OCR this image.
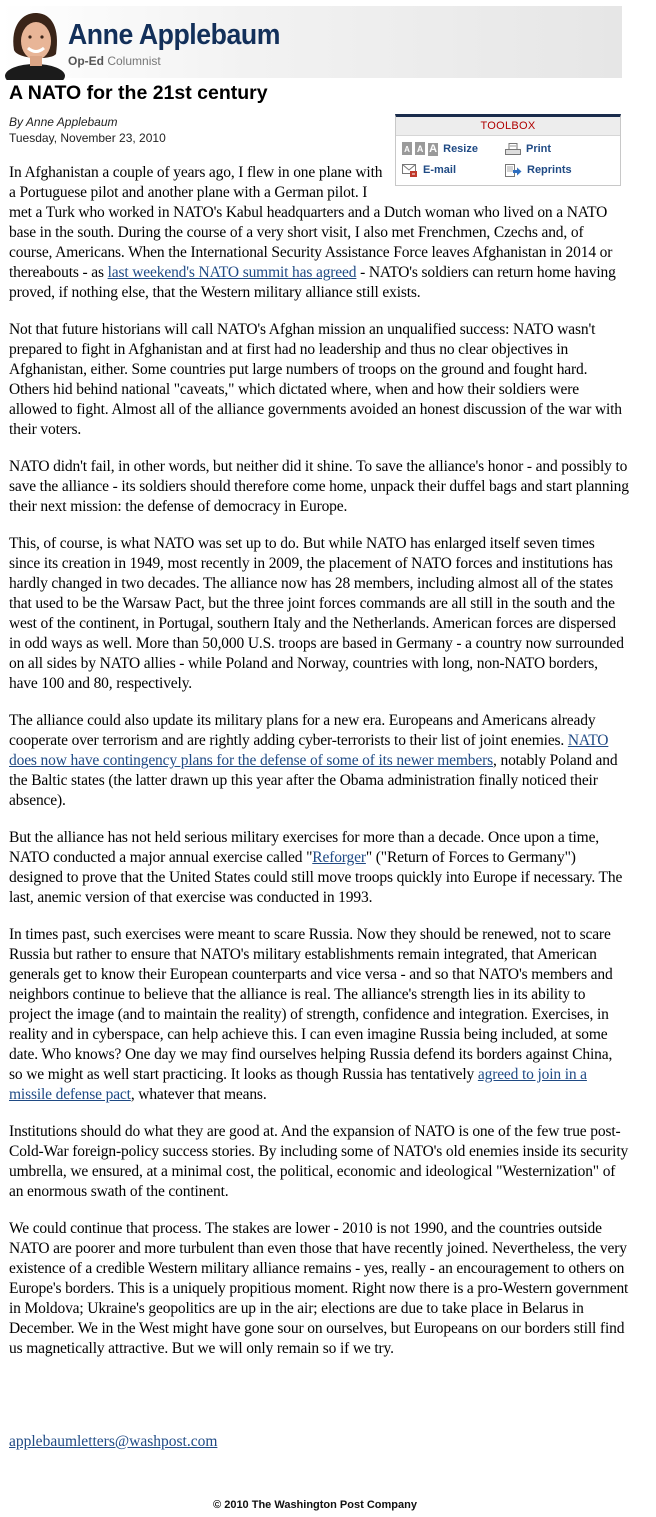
Anne Applebaum
Op-Ed Columnist
A NATO for the 21st century
By Anne Applebaum
Tuesday, November 23, 2010
TOOLBOX
A A A Resize	Print
E-mail	Reprints

In Afghanistan a couple of years ago, I flew in one plane with a Portuguese pilot and another plane with a German pilot. I met a Turk who worked in NATO's Kabul headquarters and a Dutch woman who lived on a NATO base in the south. During the course of a very short visit, I also met Frenchmen, Czechs and, of course, Americans. When the International Security Assistance Force leaves Afghanistan in 2014 or thereabouts - as last weekend's NATO summit has agreed - NATO's soldiers can return home having proved, if nothing else, that the Western military alliance still exists.

Not that future historians will call NATO's Afghan mission an unqualified success: NATO wasn't prepared to fight in Afghanistan and at first had no leadership and thus no clear objectives in Afghanistan, either. Some countries put large numbers of troops on the ground and fought hard. Others hid behind national "caveats," which dictated where, when and how their soldiers were allowed to fight. Almost all of the alliance governments avoided an honest discussion of the war with their voters.

NATO didn't fail, in other words, but neither did it shine. To save the alliance's honor - and possibly to save the alliance - its soldiers should therefore come home, unpack their duffel bags and start planning their next mission: the defense of democracy in Europe.

This, of course, is what NATO was set up to do. But while NATO has enlarged itself seven times since its creation in 1949, most recently in 2009, the placement of NATO forces and institutions has hardly changed in two decades. The alliance now has 28 members, including almost all of the states that used to be the Warsaw Pact, but the three joint forces commands are all still in the south and the west of the continent, in Portugal, southern Italy and the Netherlands. American forces are dispersed in odd ways as well. More than 50,000 U.S. troops are based in Germany - a country now surrounded on all sides by NATO allies - while Poland and Norway, countries with long, non-NATO borders, have 100 and 80, respectively.

The alliance could also update its military plans for a new era. Europeans and Americans already cooperate over terrorism and are rightly adding cyber-terrorists to their list of joint enemies. NATO does now have contingency plans for the defense of some of its newer members, notably Poland and the Baltic states (the latter drawn up this year after the Obama administration finally noticed their absence).

But the alliance has not held serious military exercises for more than a decade. Once upon a time, NATO conducted a major annual exercise called "Reforger" ("Return of Forces to Germany") designed to prove that the United States could still move troops quickly into Europe if necessary. The last, anemic version of that exercise was conducted in 1993.

In times past, such exercises were meant to scare Russia. Now they should be renewed, not to scare Russia but rather to ensure that NATO's military establishments remain integrated, that American generals get to know their European counterparts and vice versa - and so that NATO's members and neighbors continue to believe that the alliance is real. The alliance's strength lies in its ability to project the image (and to maintain the reality) of strength, confidence and integration. Exercises, in reality and in cyberspace, can help achieve this. I can even imagine Russia being included, at some date. Who knows? One day we may find ourselves helping Russia defend its borders against China, so we might as well start practicing. It looks as though Russia has tentatively agreed to join in a missile defense pact, whatever that means.

Institutions should do what they are good at. And the expansion of NATO is one of the few true post-Cold-War foreign-policy success stories. By including some of NATO's old enemies inside its security umbrella, we ensured, at a minimal cost, the political, economic and ideological "Westernization" of an enormous swath of the continent.

We could continue that process. The stakes are lower - 2010 is not 1990, and the countries outside NATO are poorer and more turbulent than even those that have recently joined. Nevertheless, the very existence of a credible Western military alliance remains - yes, really - an encouragement to others on Europe's borders. This is a uniquely propitious moment. Right now there is a pro-Western government in Moldova; Ukraine's geopolitics are up in the air; elections are due to take place in Belarus in December. We in the West might have gone sour on ourselves, but Europeans on our borders still find us magnetically attractive. But we will only remain so if we try.

applebaumletters@washpost.com
© 2010 The Washington Post Company
